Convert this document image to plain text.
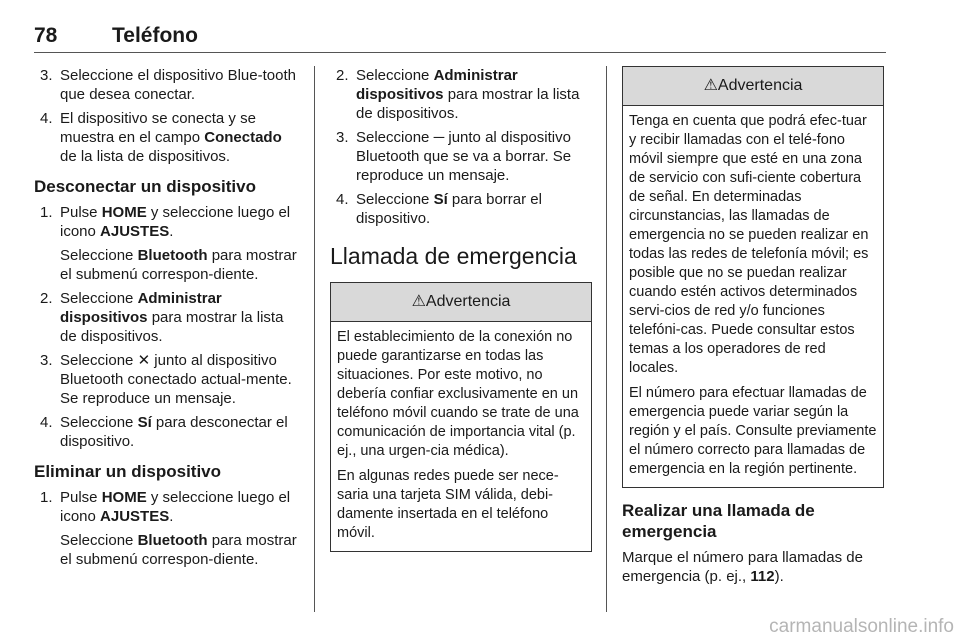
78	Teléfono
3. Seleccione el dispositivo Blue-tooth que desea conectar.

4. El dispositivo se conecta y se muestra en el campo Conectado de la lista de dispositivos.

Desconectar un dispositivo
1. Pulse HOME y seleccione luego el icono AJUSTES.

Seleccione Bluetooth para mostrar el submenú correspon-diente.

2. Seleccione Administrar dispositivos para mostrar la lista de dispositivos.

3. Seleccione ✕ junto al dispositivo Bluetooth conectado actual-mente. Se reproduce un mensaje.

4. Seleccione Sí para desconectar el dispositivo.

Eliminar un dispositivo
1. Pulse HOME y seleccione luego el icono AJUSTES.

Seleccione Bluetooth para mostrar el submenú correspon-diente.

2. Seleccione Administrar dispositivos para mostrar la lista de dispositivos.

3. Seleccione ─ junto al dispositivo Bluetooth que se va a borrar. Se reproduce un mensaje.

4. Seleccione Sí para borrar el dispositivo.

Llamada de emergencia
⚠Advertencia

El establecimiento de la conexión no puede garantizarse en todas las situaciones. Por este motivo, no debería confiar exclusivamente en un teléfono móvil cuando se trate de una comunicación de importancia vital (p. ej., una urgen-cia médica).

En algunas redes puede ser nece-saria una tarjeta SIM válida, debi-damente insertada en el teléfono móvil.

⚠Advertencia

Tenga en cuenta que podrá efec-tuar y recibir llamadas con el telé-fono móvil siempre que esté en una zona de servicio con sufi-ciente cobertura de señal. En determinadas circunstancias, las llamadas de emergencia no se pueden realizar en todas las redes de telefonía móvil; es posible que no se puedan realizar cuando estén activos determinados servi-cios de red y/o funciones telefóni-cas. Puede consultar estos temas a los operadores de red locales.

El número para efectuar llamadas de emergencia puede variar según la región y el país. Consulte previamente el número correcto para llamadas de emergencia en la región pertinente.

Realizar una llamada de emergencia

Marque el número para llamadas de emergencia (p. ej., 112).

carmanualsonline.info
